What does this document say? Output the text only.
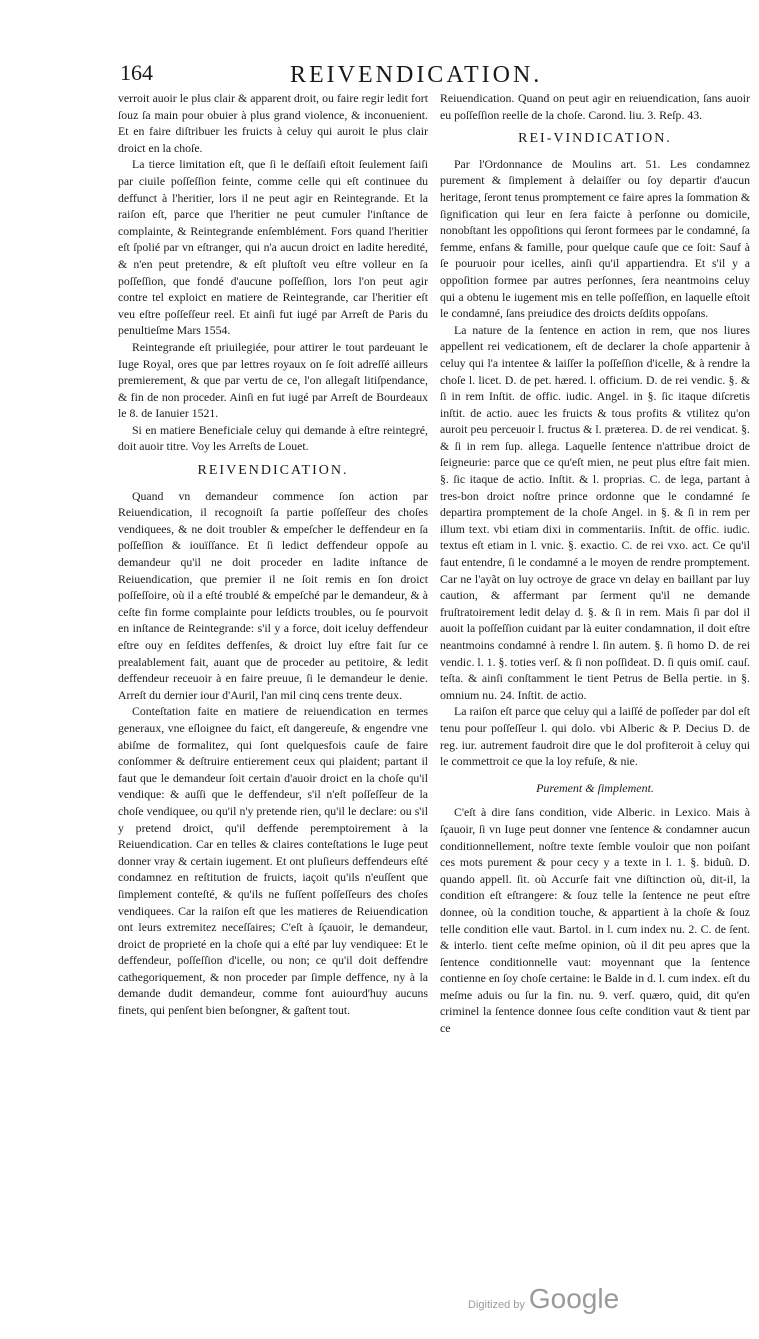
164	REIVENDICATION.

verroit auoir le plus clair & apparent droit, ou faire regir ledit fort ſouz ſa main pour obuier à plus grand violence, & inconuenient. Et en faire diſtribuer les fruicts à celuy qui auroit le plus clair droict en la choſe.

La tierce limitation eſt, que ſi le deſſaiſi eſtoit ſeulement ſaiſi par ciuile poſſeſſion feinte, comme celle qui eſt continuee du deffunct à l'heritier, lors il ne peut agir en Reintegrande. Et la raiſon eſt, parce que l'heritier ne peut cumuler l'inſtance de complainte, & Reintegrande enſemblément. Fors quand l'heritier eſt ſpolié par vn eſtranger, qui n'a aucun droict en ladite heredité, & n'en peut pretendre, & eſt pluſtoſt veu eſtre volleur en ſa poſſeſſion, que fondé d'aucune poſſeſſion, lors l'on peut agir contre tel exploict en matiere de Reintegrande, car l'heritier eſt veu eſtre poſſeſſeur reel. Et ainſi fut iugé par Arreſt de Paris du penultieſme Mars 1554.

Reintegrande eſt priuilegiée, pour attirer le tout pardeuant le Iuge Royal, ores que par lettres royaux on ſe ſoit adreſſé ailleurs premierement, & que par vertu de ce, l'on allegaſt litiſpendance, & fin de non proceder. Ainſi en fut iugé par Arreſt de Bourdeaux le 8. de Ianuier 1521.

Si en matiere Beneficiale celuy qui demande à eſtre reintegré, doit auoir titre. Voy les Arreſts de Louet.

REIVENDICATION.

Quand vn demandeur commence ſon action par Reiuendication, il recognoiſt ſa partie poſſeſſeur des choſes vendiquees, & ne doit troubler & empeſcher le deffendeur en ſa poſſeſſion & iouïſſance. Et ſi ledict deffendeur oppoſe au demandeur qu'il ne doit proceder en ladite inſtance de Reiuendication, que premier il ne ſoit remis en ſon droict poſſeſſoire, où il a eſté troublé & empeſché par le demandeur, & à ceſte fin forme complainte pour leſdicts troubles, ou ſe pourvoit en inſtance de Reintegrande: s'il y a force, doit iceluy deffendeur eſtre ouy en ſeſdites deffenſes, & droict luy eſtre fait ſur ce prealablement fait, auant que de proceder au petitoire, & ledit deffendeur receuoir à en faire preuue, ſi le demandeur le denie. Arreſt du dernier iour d'Auril, l'an mil cinq cens trente deux.

Conteſtation faite en matiere de reiuendication en termes generaux, vne eſloignee du faict, eſt dangereuſe, & engendre vne abiſme de formalitez, qui ſont quelquesfois cauſe de faire conſommer & deſtruire entierement ceux qui plaident; partant il faut que le demandeur ſoit certain d'auoir droict en la choſe qu'il vendique: & auſſi que le deffendeur, s'il n'eſt poſſeſſeur de la choſe vendiquee, ou qu'il n'y pretende rien, qu'il le declare: ou s'il y pretend droict, qu'il deffende peremptoirement à la Reiuendication. Car en telles & claires conteſtations le Iuge peut donner vray & certain iugement. Et ont pluſieurs deffendeurs eſté condamnez en reſtitution de fruicts, iaçoit qu'ils n'euſſent que ſimplement conteſté, & qu'ils ne fuſſent poſſeſſeurs des choſes vendiquees. Car la raiſon eſt que les matieres de Reiuendication ont leurs extremitez neceſſaires; C'eſt à ſçauoir, le demandeur, droict de proprieté en la choſe qui a eſté par luy vendiquee: Et le deffendeur, poſſeſſion d'icelle, ou non; ce qu'il doit deffendre cathegoriquement, & non proceder par ſimple deffence, ny à la demande dudit demandeur, comme font auiourd'huy aucuns finets, qui penſent bien beſongner, & gaſtent tout.

Reiuendication. Quand on peut agir en reiuendication, ſans auoir eu poſſeſſion reelle de la choſe. Carond. liu. 3. Reſp. 43.

REI-VINDICATION.

Par l'Ordonnance de Moulins art. 51. Les condamnez purement & ſimplement à delaiſſer ou ſoy departir d'aucun heritage, ſeront tenus promptement ce faire apres la ſommation & ſignification qui leur en ſera faicte à perſonne ou domicile, nonobſtant les oppoſitions qui ſeront formees par le condamné, ſa femme, enfans & famille, pour quelque cauſe que ce ſoit: Sauf à ſe pouruoir pour icelles, ainſi qu'il appartiendra. Et s'il y a oppoſition formee par autres perſonnes, ſera neantmoins celuy qui a obtenu le iugement mis en telle poſſeſſion, en laquelle eſtoit le condamné, ſans preiudice des droicts deſdits oppoſans.

La nature de la ſentence en action in rem, que nos liures appellent rei vedicationem, eſt de declarer la choſe appartenir à celuy qui l'a intentee & laiſſer la poſſeſſion d'icelle, & à rendre la choſe l. licet. D. de pet. hæred. l. officium. D. de rei vendic. §. & ſi in rem Inſtit. de offic. iudic. Angel. in §. ſic itaque diſcretis inſtit. de actio. auec les fruicts & tous profits & vtilitez qu'on auroit peu perceuoir l. fructus & l. præterea. D. de rei vendicat. §. & ſi in rem ſup. allega. Laquelle ſentence n'attribue droict de ſeigneurie: parce que ce qu'eſt mien, ne peut plus eſtre fait mien. §. ſic itaque de actio. Inſtit. & l. proprias. C. de lega, partant à tres-bon droict noſtre prince ordonne que le condamné ſe departira promptement de la choſe Angel. in §. & ſi in rem per illum text. vbi etiam dixi in commentariis. Inſtit. de offic. iudic. textus eſt etiam in l. vnic. §. exactio. C. de rei vxo. act. Ce qu'il faut entendre, ſi le condamné a le moyen de rendre promptement. Car ne l'ayãt on luy octroye de grace vn delay en baillant par luy caution, & affermant par ſerment qu'il ne demande fruſtratoirement ledit delay d. §. & ſi in rem. Mais ſi par dol il auoit la poſſeſſion cuidant par là euiter condamnation, il doit eſtre neantmoins condamné à rendre l. ſin autem. §. ſi homo D. de rei vendic. l. 1. §. toties verſ. & ſi non poſſideat. D. ſi quis omiſ. cauſ. teſta. & ainſi conſtamment le tient Petrus de Bella pertie. in §. omnium nu. 24. Inſtit. de actio.

La raiſon eſt parce que celuy qui a laiſſé de poſſeder par dol eſt tenu pour poſſeſſeur l. qui dolo. vbi Alberic & P. Decius D. de reg. iur. autrement faudroit dire que le dol profiteroit à celuy qui le commettroit ce que la loy refuſe, & nie.

Purement & ſimplement.

C'eſt à dire ſans condition, vide Alberic. in Lexico. Mais à ſçauoir, ſi vn Iuge peut donner vne ſentence & condamner aucun conditionnellement, noſtre texte ſemble vouloir que non poiſant ces mots purement & pour cecy y a texte in l. 1. §. biduũ. D. quando appell. ſit. où Accurſe fait vne diſtinction où, dit-il, la condition eſt eſtrangere: & ſouz telle la ſentence ne peut eſtre donnee, où la condition touche, & appartient à la choſe & ſouz telle condition elle vaut. Bartol. in l. cum index nu. 2. C. de ſent. & interlo. tient ceſte meſme opinion, où il dit peu apres que la ſentence conditionnelle vaut: moyennant que la ſentence contienne en ſoy choſe certaine: le Balde in d. l. cum index. eſt du meſme aduis ou ſur la fin. nu. 9. verſ. quæro, quid, dit qu'en criminel la ſentence donnee ſous ceſte condition vaut & tient par ce

Digitized by Google
